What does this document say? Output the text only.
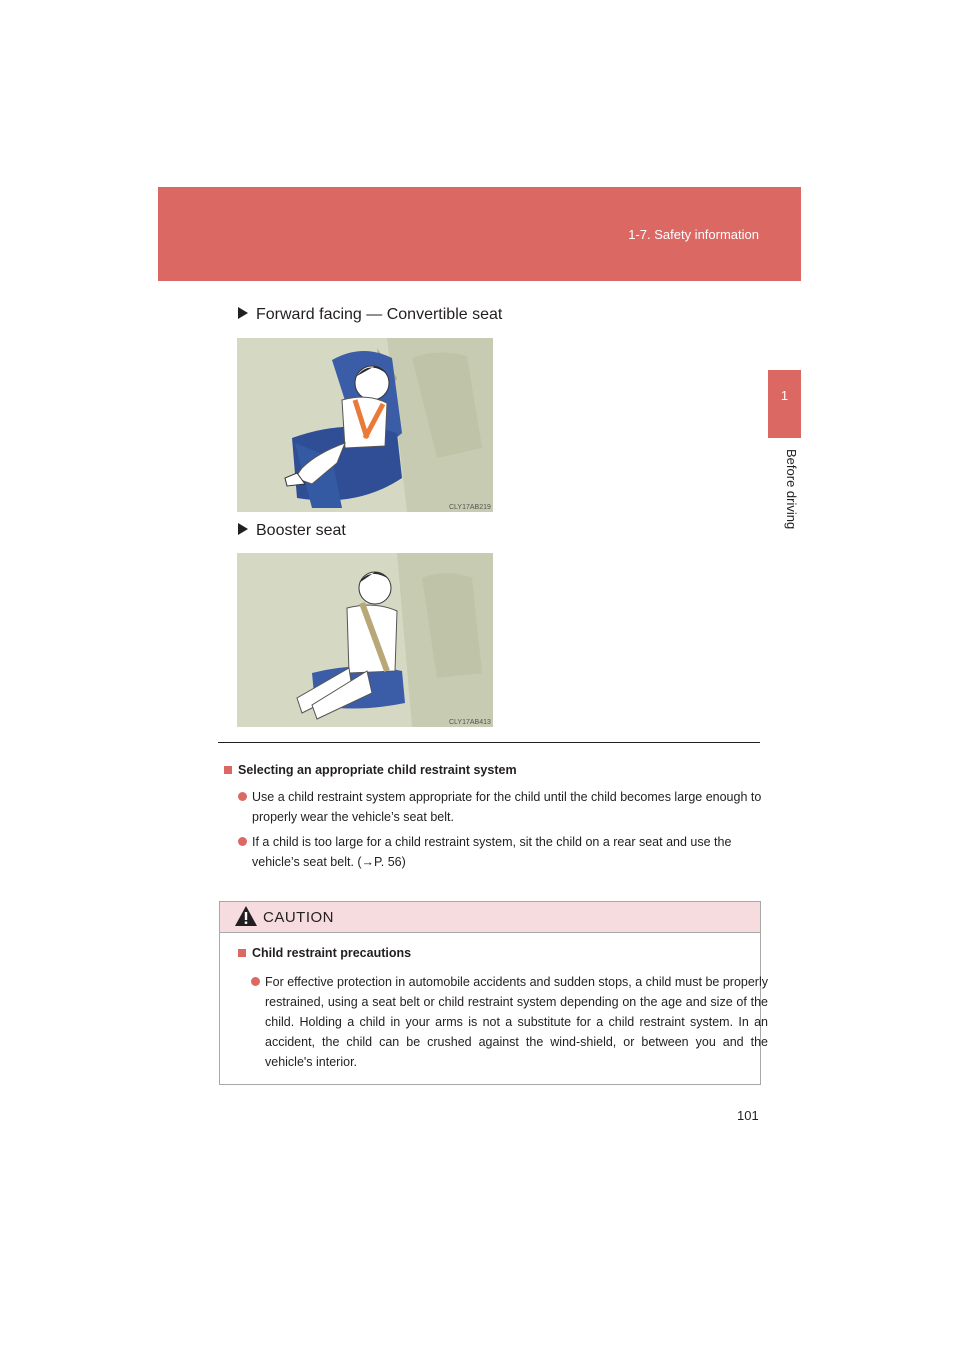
1-7. Safety information
1
Before driving
Forward facing — Convertible seat
CLY17AB219
Booster seat
CLY17AB413
Selecting an appropriate child restraint system
Use a child restraint system appropriate for the child until the child becomes large enough to properly wear the vehicle’s seat belt.
If a child is too large for a child restraint system, sit the child on a rear seat and use the vehicle’s seat belt. (→P. 56)
CAUTION
Child restraint precautions
For effective protection in automobile accidents and sudden stops, a child must be properly restrained, using a seat belt or child restraint system depending on the age and size of the child. Holding a child in your arms is not a substitute for a child restraint system. In an accident, the child can be crushed against the wind-shield, or between you and the vehicle's interior.
101
